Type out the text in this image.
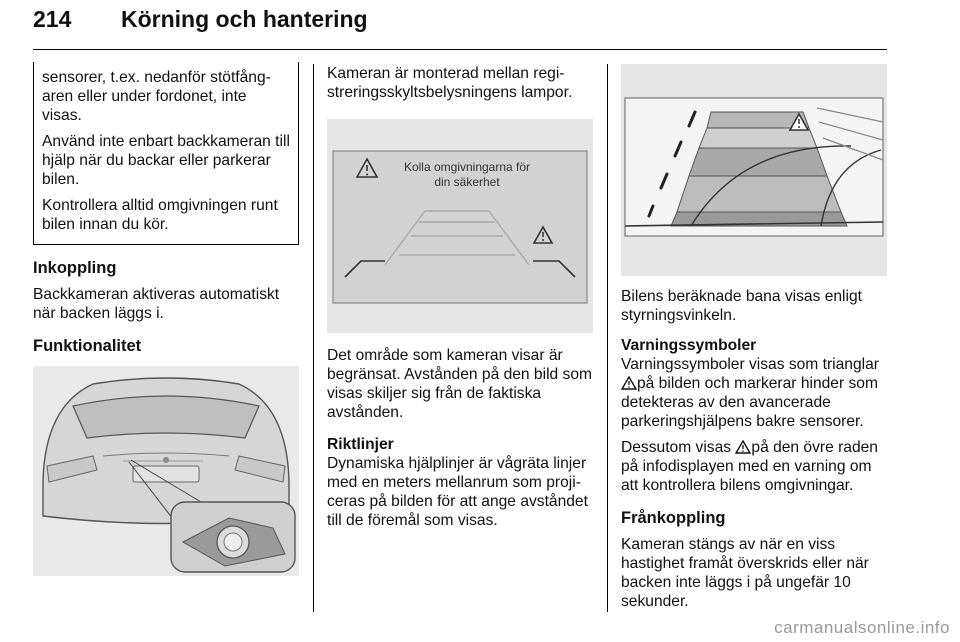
214 Körning och hantering

sensorer, t.ex. nedanför stötfångaren eller under fordonet, inte visas.

Använd inte enbart backkameran till hjälp när du backar eller parkerar bilen.

Kontrollera alltid omgivningen runt bilen innan du kör.

Inkoppling

Backkameran aktiveras automatiskt när backen läggs i.

Funktionalitet

Kameran är monterad mellan registreringsskyltsbelysningens lampor.

Kolla omgivningarna för
din säkerhet

Det område som kameran visar är begränsat. Avstånden på den bild som visas skiljer sig från de faktiska avstånden.

Riktlinjer

Dynamiska hjälplinjer är vågräta linjer med en meters mellanrum som projiceras på bilden för att ange avståndet till de föremål som visas.

Bilens beräknade bana visas enligt styrningsvinkeln.

Varningssymboler

Varningssymboler visas som trianglar på bilden och markerar hinder som detekteras av den avancerade parkeringshjälpens bakre sensorer.

Dessutom visas på den övre raden på infodisplayen med en varning om att kontrollera bilens omgivningar.

Frånkoppling

Kameran stängs av när en viss hastighet framåt överskrids eller när backen inte läggs i på ungefär 10 sekunder.

carmanualsonline.info
